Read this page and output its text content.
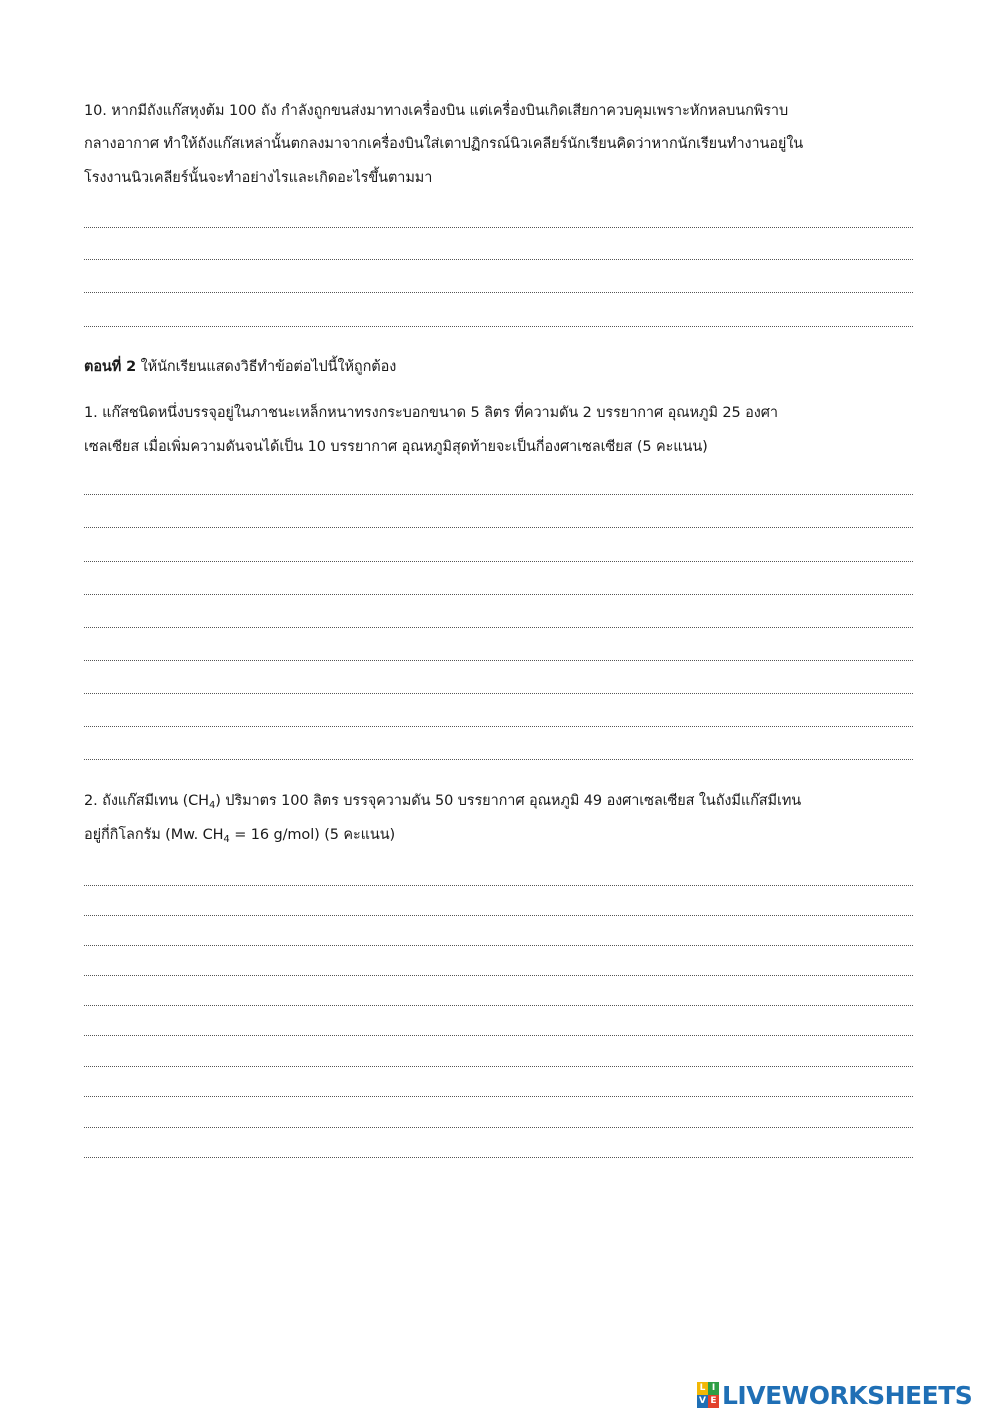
10. หากมีถังแก๊สหุงต้ม 100 ถัง กำลังถูกขนส่งมาทางเครื่องบิน แต่เครื่องบินเกิดเสียกาควบคุมเพราะหักหลบนกพิราบ
กลางอากาศ ทำให้ถังแก๊สเหล่านั้นตกลงมาจากเครื่องบินใส่เตาปฏิกรณ์นิวเคลียร์นักเรียนคิดว่าหากนักเรียนทำงานอยู่ใน
โรงงานนิวเคลียร์นั้นจะทำอย่างไรและเกิดอะไรขึ้นตามมา
ตอนที่ 2 ให้นักเรียนแสดงวิธีทำข้อต่อไปนี้ให้ถูกต้อง
1. แก๊สชนิดหนึ่งบรรจุอยู่ในภาชนะเหล็กหนาทรงกระบอกขนาด 5 ลิตร ที่ความดัน 2 บรรยากาศ อุณหภูมิ 25 องศา
เซลเซียส เมื่อเพิ่มความดันจนได้เป็น 10 บรรยากาศ อุณหภูมิสุดท้ายจะเป็นกี่องศาเซลเซียส (5 คะแนน)
2. ถังแก๊สมีเทน $(CH_4)$ ปริมาตร 100 ลิตร บรรจุความดัน 50 บรรยากาศ อุณหภูมิ 49 องศาเซลเซียส ในถังมีแก๊สมีเทน
อยู่กี่กิโลกรัม (Mw. $CH_4 = 16$ g/mol) (5 คะแนน)
L I
V E LIVEWORKSHEETS
